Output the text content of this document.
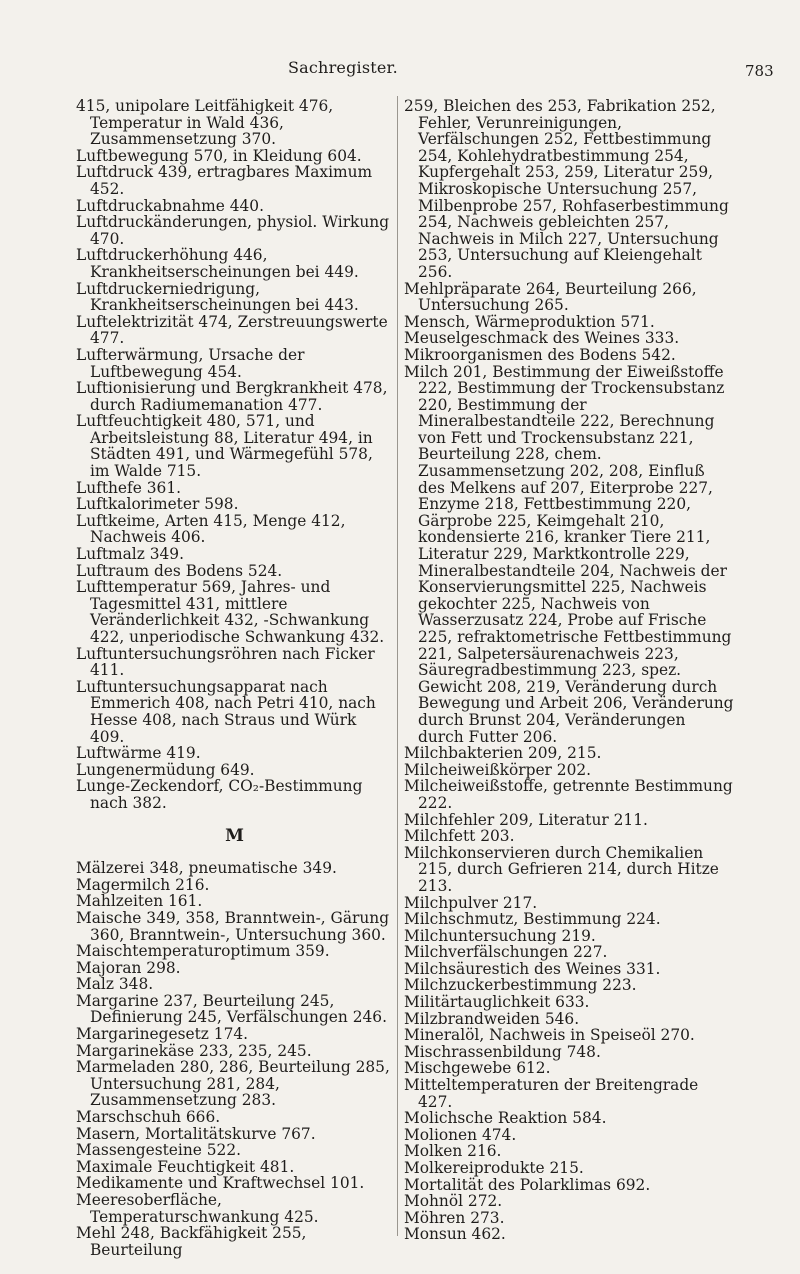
Sachregister.	783

415, unipolare Leitfähigkeit 476, Temperatur in Wald 436, Zusammensetzung 370.

Luftbewegung 570, in Kleidung 604.

Luftdruck 439, ertragbares Maximum 452.

Luftdruckabnahme 440.

Luftdruckänderungen, physiol. Wirkung 470.

Luftdruckerhöhung 446, Krankheitserscheinungen bei 449.

Luftdruckerniedrigung, Krankheitserscheinungen bei 443.

Luftelektrizität 474, Zerstreuungswerte 477.

Lufterwärmung, Ursache der Luftbewegung 454.

Luftionisierung und Bergkrankheit 478, durch Radiumemanation 477.

Luftfeuchtigkeit 480, 571, und Arbeitsleistung 88, Literatur 494, in Städten 491, und Wärmegefühl 578, im Walde 715.

Lufthefe 361.

Luftkalorimeter 598.

Luftkeime, Arten 415, Menge 412, Nachweis 406.

Luftmalz 349.

Luftraum des Bodens 524.

Lufttemperatur 569, Jahres- und Tagesmittel 431, mittlere Veränderlichkeit 432, -Schwankung 422, unperiodische Schwankung 432.

Luftuntersuchungsröhren nach Ficker 411.

Luftuntersuchungsapparat nach Emmerich 408, nach Petri 410, nach Hesse 408, nach Straus und Würk 409.

Luftwärme 419.

Lungenermüdung 649.

Lunge-Zeckendorf, CO₂-Bestimmung nach 382.

M

Mälzerei 348, pneumatische 349.

Magermilch 216.

Mahlzeiten 161.

Maische 349, 358, Branntwein-, Gärung 360, Branntwein-, Untersuchung 360.

Maischtemperaturoptimum 359.

Majoran 298.

Malz 348.

Margarine 237, Beurteilung 245, Definierung 245, Verfälschungen 246.

Margarinegesetz 174.

Margarinekäse 233, 235, 245.

Marmeladen 280, 286, Beurteilung 285, Untersuchung 281, 284, Zusammensetzung 283.

Marschschuh 666.

Masern, Mortalitätskurve 767.

Massengesteine 522.

Maximale Feuchtigkeit 481.

Medikamente und Kraftwechsel 101.

Meeresoberfläche, Temperaturschwankung 425.

Mehl 248, Backfähigkeit 255, Beurteilung

259, Bleichen des 253, Fabrikation 252, Fehler, Verunreinigungen, Verfälschungen 252, Fettbestimmung 254, Kohlehydratbestimmung 254, Kupfergehalt 253, 259, Literatur 259, Mikroskopische Untersuchung 257, Milbenprobe 257, Rohfaserbestimmung 254, Nachweis gebleichten 257, Nachweis in Milch 227, Untersuchung 253, Untersuchung auf Kleiengehalt 256.

Mehlpräparate 264, Beurteilung 266, Untersuchung 265.

Mensch, Wärmeproduktion 571.

Meuselgeschmack des Weines 333.

Mikroorganismen des Bodens 542.

Milch 201, Bestimmung der Eiweißstoffe 222, Bestimmung der Trockensubstanz 220, Bestimmung der Mineralbestandteile 222, Berechnung von Fett und Trockensubstanz 221, Beurteilung 228, chem. Zusammensetzung 202, 208, Einfluß des Melkens auf 207, Eiterprobe 227, Enzyme 218, Fettbestimmung 220, Gärprobe 225, Keimgehalt 210, kondensierte 216, kranker Tiere 211, Literatur 229, Marktkontrolle 229, Mineralbestandteile 204, Nachweis der Konservierungsmittel 225, Nachweis gekochter 225, Nachweis von Wasserzusatz 224, Probe auf Frische 225, refraktometrische Fettbestimmung 221, Salpetersäurenachweis 223, Säuregradbestimmung 223, spez. Gewicht 208, 219, Veränderung durch Bewegung und Arbeit 206, Veränderung durch Brunst 204, Veränderungen durch Futter 206.

Milchbakterien 209, 215.

Milcheiweißkörper 202.

Milcheiweißstoffe, getrennte Bestimmung 222.

Milchfehler 209, Literatur 211.

Milchfett 203.

Milchkonservieren durch Chemikalien 215, durch Gefrieren 214, durch Hitze 213.

Milchpulver 217.

Milchschmutz, Bestimmung 224.

Milchuntersuchung 219.

Milchverfälschungen 227.

Milchsäurestich des Weines 331.

Milchzuckerbestimmung 223.

Militärtauglichkeit 633.

Milzbrandweiden 546.

Mineralöl, Nachweis in Speiseöl 270.

Mischrassenbildung 748.

Mischgewebe 612.

Mitteltemperaturen der Breitengrade 427.

Molichsche Reaktion 584.

Molionen 474.

Molken 216.

Molkereiprodukte 215.

Mortalität des Polarklimas 692.

Mohnöl 272.

Möhren 273.

Monsun 462.
